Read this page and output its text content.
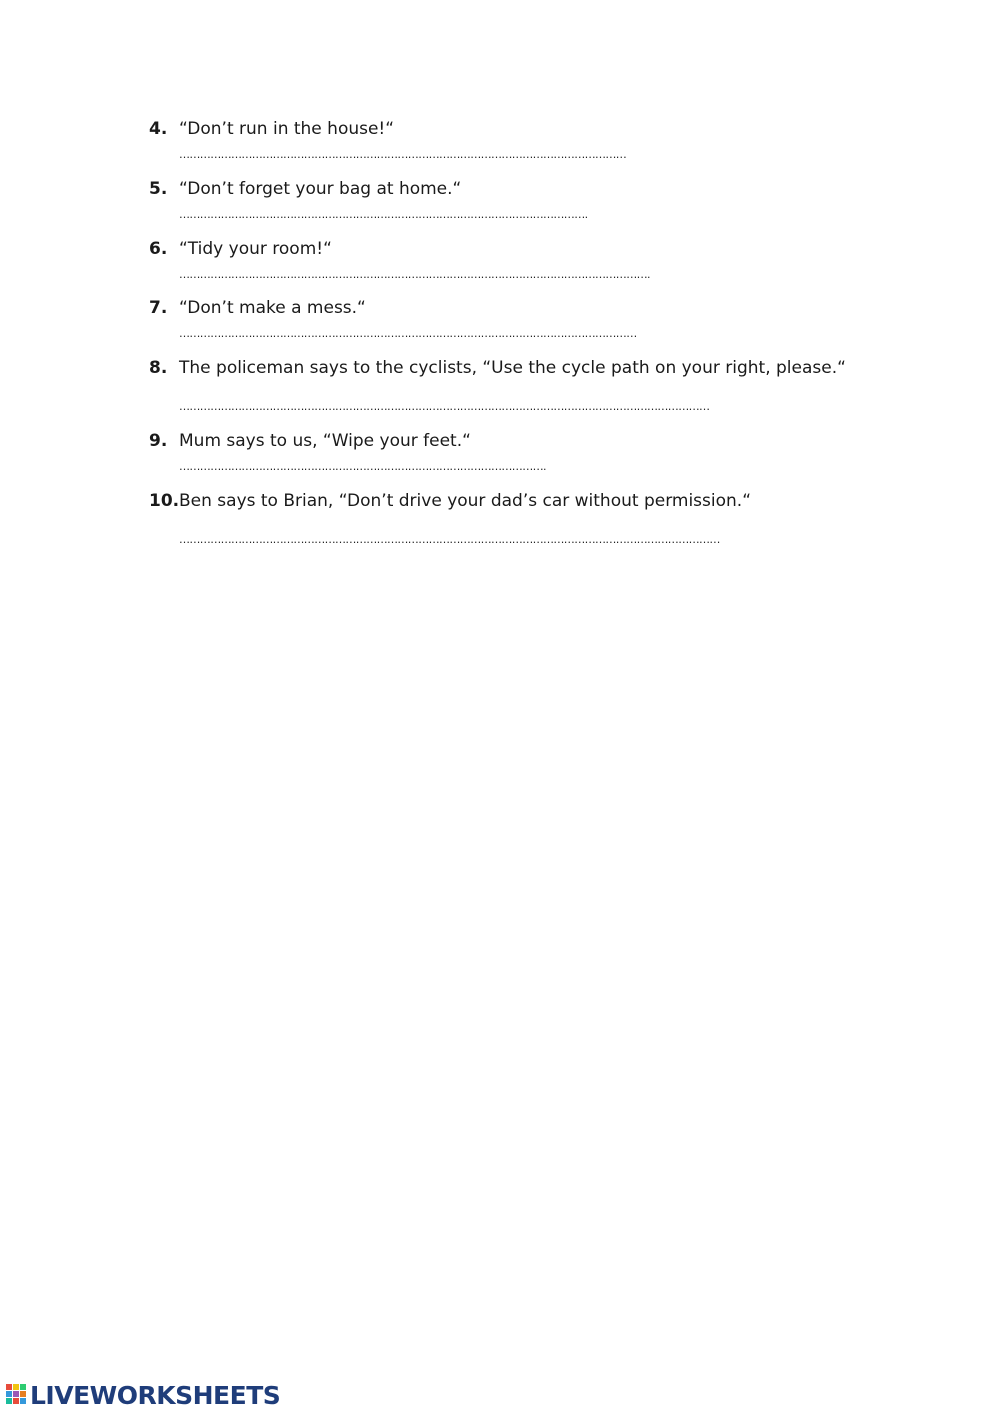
4. “Don’t run in the house!“
…………………………………………………………………………………………………………………
5. “Don’t forget your bag at home.“
……………………………………………………………………………………………………….
6. “Tidy your room!“
……………………………………………………………………………………………………………………….
7. “Don’t make a mess.“
……………………………………………………………………………………………………………………
8. The policeman says to the cyclists, “Use the cycle path on your right, please.“
………………………………………………………………………………………………………………………………………
9. Mum says to us, “Wipe your feet.“
…………………………………………………………………………………………….
10. Ben says to Brian, “Don’t drive your dad’s car without permission.“
…………………………………………………………………………………………………………………………………………
LIVEWORKSHEETS
